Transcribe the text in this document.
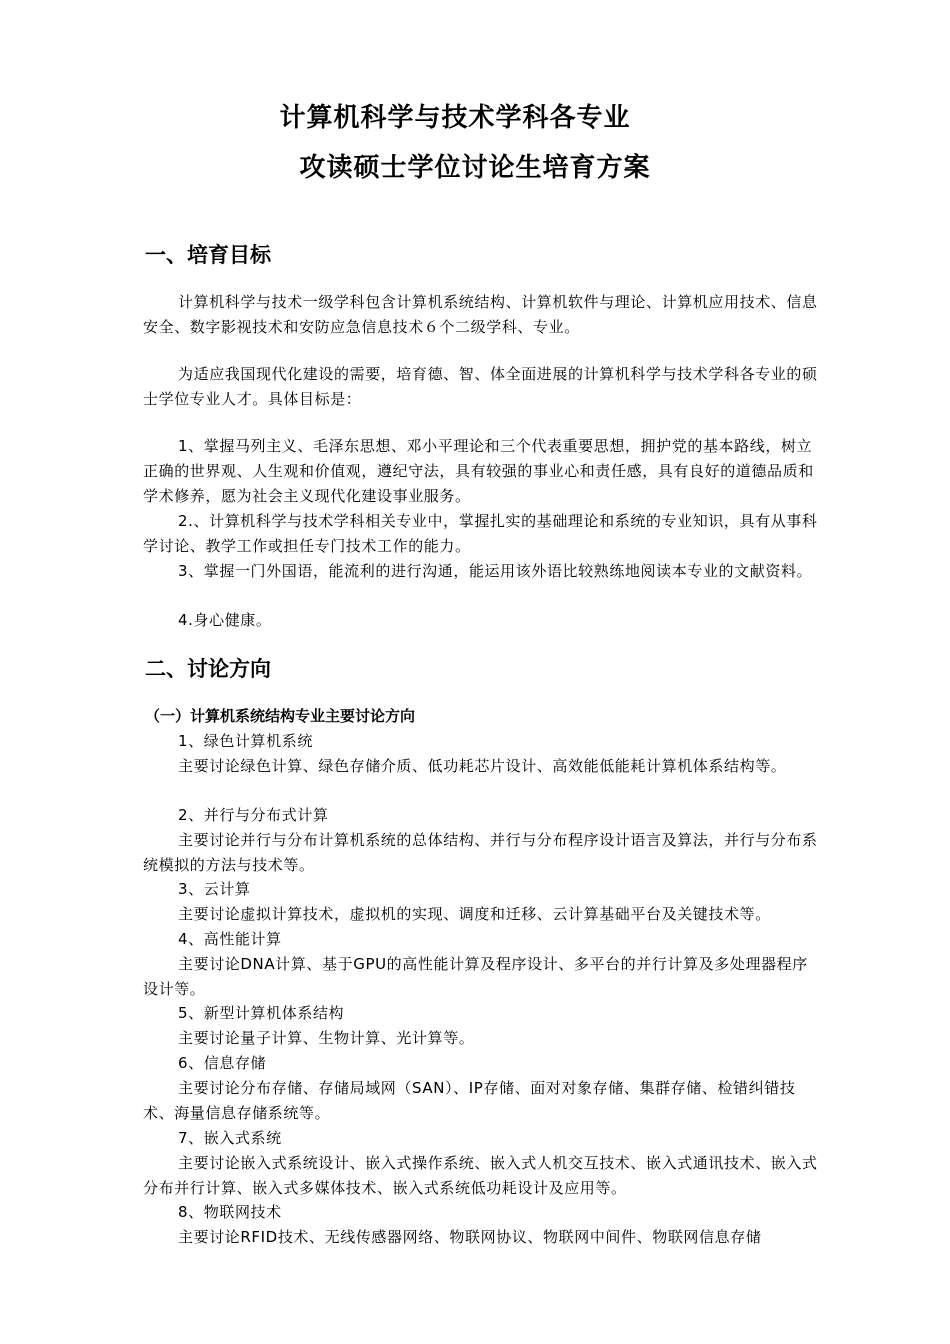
计算机科学与技术学科各专业
攻读硕士学位讨论生培育方案
一、培育目标
计算机科学与技术一级学科包含计算机系统结构、计算机软件与理论、计算机应用技术、信息安全、数字影视技术和安防应急信息技术６个二级学科、专业。
为适应我国现代化建设的需要，培育德、智、体全面进展的计算机科学与技术学科各专业的硕士学位专业人才。具体目标是：
1、掌握马列主义、毛泽东思想、邓小平理论和三个代表重要思想，拥护党的基本路线，树立正确的世界观、人生观和价值观，遵纪守法，具有较强的事业心和责任感，具有良好的道德品质和学术修养，愿为社会主义现代化建设事业服务。
2.、计算机科学与技术学科相关专业中，掌握扎实的基础理论和系统的专业知识，具有从事科学讨论、教学工作或担任专门技术工作的能力。
3、掌握一门外国语，能流利的进行沟通，能运用该外语比较熟练地阅读本专业的文献资料。
4.身心健康。
二、讨论方向
（一）计算机系统结构专业主要讨论方向
1、绿色计算机系统
主要讨论绿色计算、绿色存储介质、低功耗芯片设计、高效能低能耗计算机体系结构等。
2、并行与分布式计算
主要讨论并行与分布计算机系统的总体结构、并行与分布程序设计语言及算法，并行与分布系统模拟的方法与技术等。
3、云计算
主要讨论虚拟计算技术，虚拟机的实现、调度和迁移、云计算基础平台及关键技术等。
4、高性能计算
主要讨论DNA计算、基于GPU的高性能计算及程序设计、多平台的并行计算及多处理器程序设计等。
5、新型计算机体系结构
主要讨论量子计算、生物计算、光计算等。
6、信息存储
主要讨论分布存储、存储局域网（SAN）、IP存储、面对对象存储、集群存储、检错纠错技术、海量信息存储系统等。
7、嵌入式系统
主要讨论嵌入式系统设计、嵌入式操作系统、嵌入式人机交互技术、嵌入式通讯技术、嵌入式分布并行计算、嵌入式多媒体技术、嵌入式系统低功耗设计及应用等。
8、物联网技术
主要讨论RFID技术、无线传感器网络、物联网协议、物联网中间件、物联网信息存储
